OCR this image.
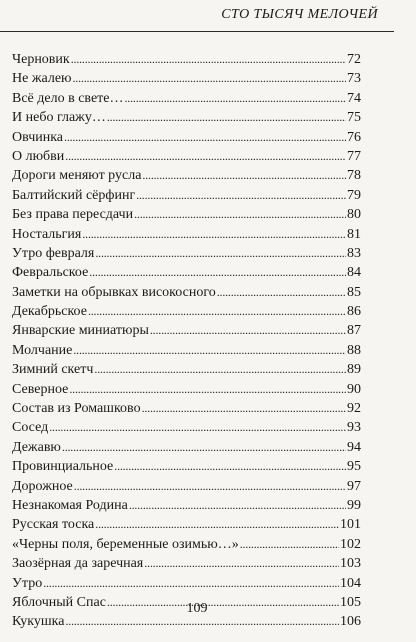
СТО ТЫСЯЧ МЕЛОЧЕЙ
Черновик . . .	72
Не жалею . . .	73
Всё дело в свете… . . .	74
И небо глажу… . . .	75
Овчинка . . .	76
О любви . . .	77
Дороги меняют русла . . .	78
Балтийский сёрфинг . . .	79
Без права пересдачи . . .	80
Ностальгия . . .	81
Утро февраля . . .	83
Февральское . . .	84
Заметки на обрывках високосного . . .	85
Декабрьское . . .	86
Январские миниатюры . . .	87
Молчание . . .	88
Зимний скетч . . .	89
Северное . . .	90
Состав из Ромашково . . .	92
Сосед . . .	93
Дежавю . . .	94
Провинциальное . . .	95
Дорожное . . .	97
Незнакомая Родина . . .	99
Русская тоска . . .	101
«Черны поля, беременные озимью…» . . .	102
Заозёрная да заречная . . .	103
Утро . . .	104
Яблочный Спас . . .	105
Кукушка . . .	106
109
